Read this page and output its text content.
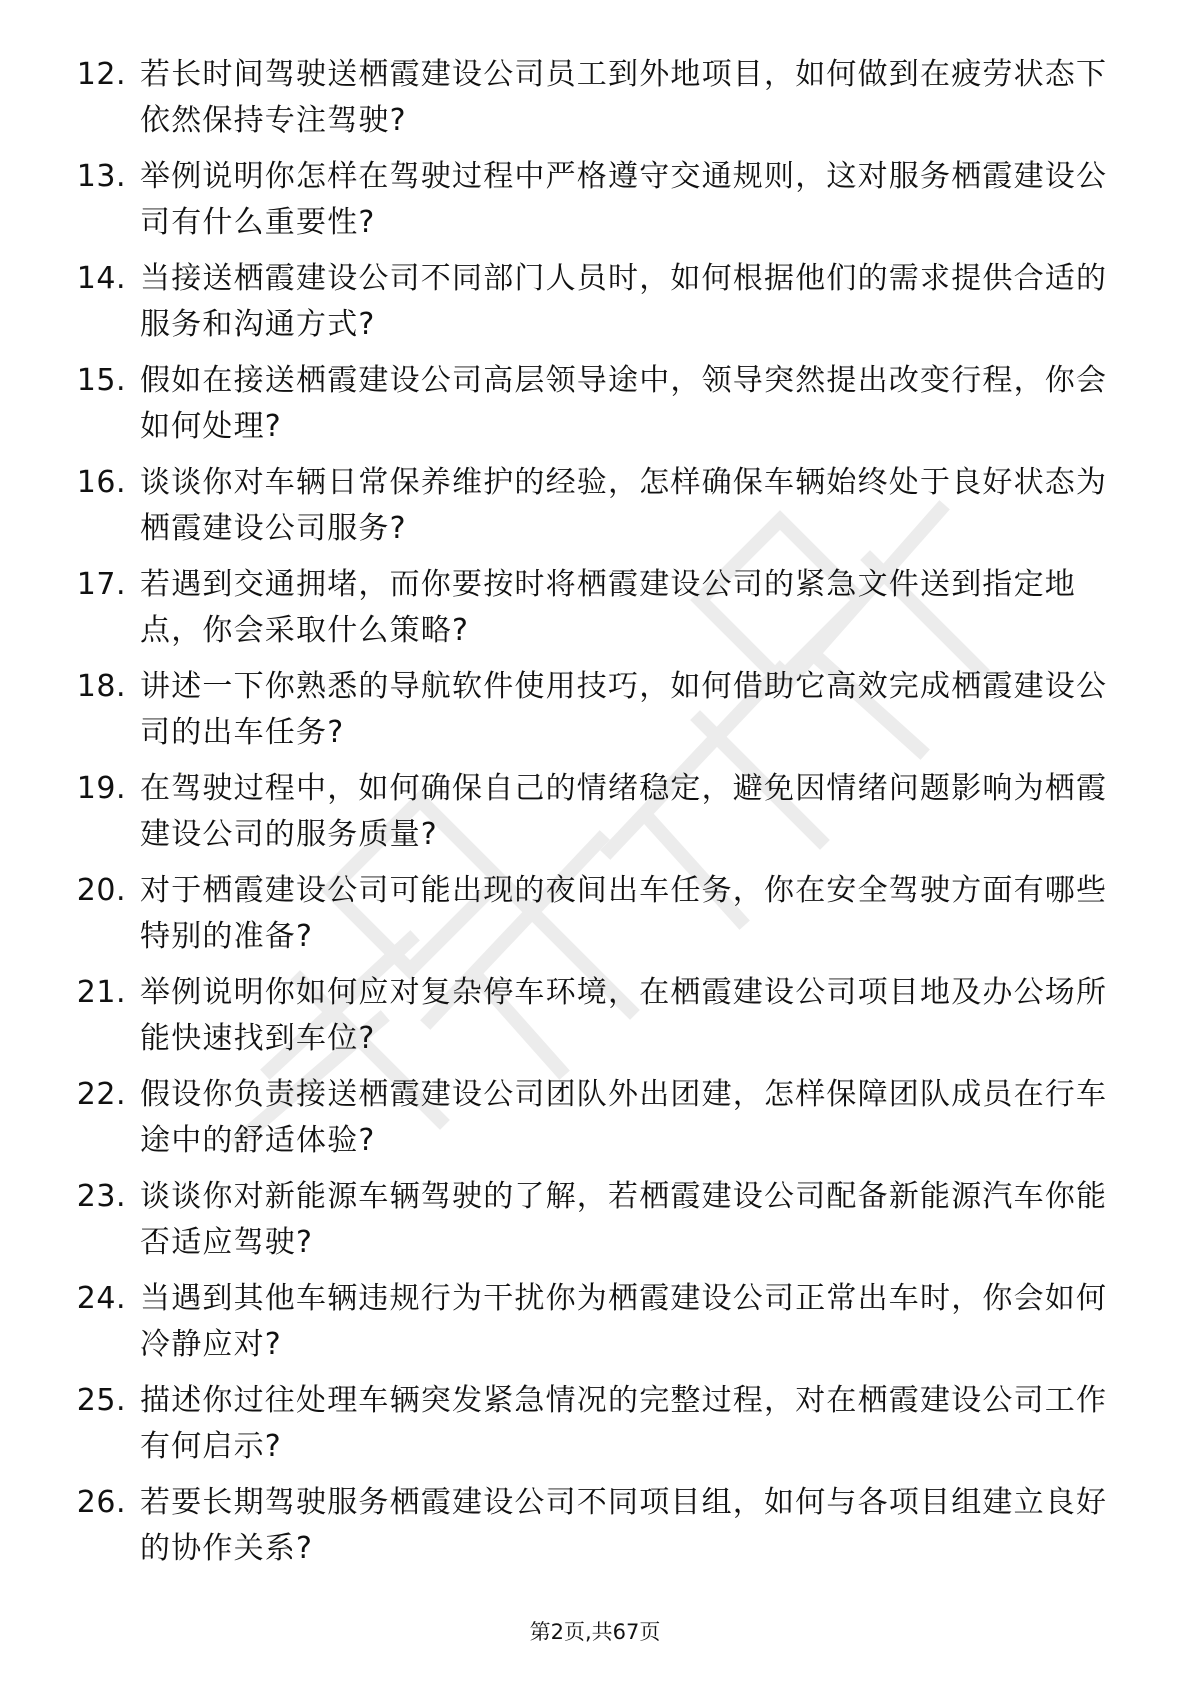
12. 若长时间驾驶送栖霞建设公司员工到外地项目，如何做到在疲劳状态下依然保持专注驾驶?
13. 举例说明你怎样在驾驶过程中严格遵守交通规则，这对服务栖霞建设公司有什么重要性?
14. 当接送栖霞建设公司不同部门人员时，如何根据他们的需求提供合适的服务和沟通方式?
15. 假如在接送栖霞建设公司高层领导途中，领导突然提出改变行程，你会如何处理?
16. 谈谈你对车辆日常保养维护的经验，怎样确保车辆始终处于良好状态为栖霞建设公司服务?
17. 若遇到交通拥堵，而你要按时将栖霞建设公司的紧急文件送到指定地点，你会采取什么策略?
18. 讲述一下你熟悉的导航软件使用技巧，如何借助它高效完成栖霞建设公司的出车任务?
19. 在驾驶过程中，如何确保自己的情绪稳定，避免因情绪问题影响为栖霞建设公司的服务质量?
20. 对于栖霞建设公司可能出现的夜间出车任务，你在安全驾驶方面有哪些特别的准备?
21. 举例说明你如何应对复杂停车环境，在栖霞建设公司项目地及办公场所能快速找到车位?
22. 假设你负责接送栖霞建设公司团队外出团建，怎样保障团队成员在行车途中的舒适体验?
23. 谈谈你对新能源车辆驾驶的了解，若栖霞建设公司配备新能源汽车你能否适应驾驶?
24. 当遇到其他车辆违规行为干扰你为栖霞建设公司正常出车时，你会如何冷静应对?
25. 描述你过往处理车辆突发紧急情况的完整过程，对在栖霞建设公司工作有何启示?
26. 若要长期驾驶服务栖霞建设公司不同项目组，如何与各项目组建立良好的协作关系?
第2页,共67页
